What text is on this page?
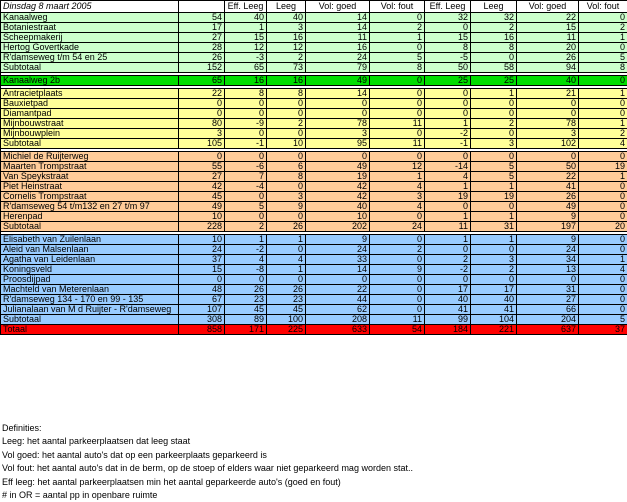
Dinsdag 8 maart 2005		Eff. Leeg	Leeg	Vol: goed	Vol: fout	Eff. Leeg	Leeg	Vol: goed	Vol: fout
Kanaalweg	54	40	40	14	0	32	32	22	0
Botaniestraat	17	1	3	14	2	0	2	15	2
Scheepmakerij	27	15	16	11	1	15	16	11	1
Hertog Govertkade	28	12	12	16	0	8	8	20	0
R'damseweg t/m 54 en 25	26	-3	2	24	5	-5	0	26	5
Subtotaal	152	65	73	79	8	50	58	94	8

Kanaalweg 2b	65	16	16	49	0	25	25	40	0

Antracietplaats	22	8	8	14	0	0	1	21	1
Bauxietpad	0	0	0	0	0	0	0	0	0
Diamantpad	0	0	0	0	0	0	0	0	0
Mijnbouwstraat	80	-9	2	78	11	1	2	78	1
Mijnbouwplein	3	0	0	3	0	-2	0	3	2
Subtotaal	105	-1	10	95	11	-1	3	102	4

Michiel de Ruijterweg	0	0	0	0	0	0	0	0	0
Maarten Trompstraat	55	-6	6	49	12	-14	5	50	19
Van Speykstraat	27	7	8	19	1	4	5	22	1
Piet Heinstraat	42	-4	0	42	4	1	1	41	0
Cornelis Trompstraat	45	0	3	42	3	19	19	26	0
R'damseweg 54 t/m132 en 27 t/m 97	49	5	9	40	4	0	0	49	0
Herenpad	10	0	0	10	0	1	1	9	0
Subtotaal	228	2	26	202	24	11	31	197	20

Elisabeth van Zuilenlaan	10	1	1	9	0	1	1	9	0
Aleid van Malsenlaan	24	-2	0	24	2	0	0	24	0
Agatha van Leidenlaan	37	4	4	33	0	2	3	34	1
Koningsveld	15	-8	1	14	9	-2	2	13	4
Proosdijpad	0	0	0	0	0	0	0	0	0
Machteld van Meterenlaan	48	26	26	22	0	17	17	31	0
R'damseweg 134 - 170 en 99 - 135	67	23	23	44	0	40	40	27	0
Julianalaan van M d Ruijter - R'damseweg	107	45	45	62	0	41	41	66	0
Subtotaal	308	89	100	208	11	99	104	204	5
Totaal	858	171	225	633	54	184	221	637	37
Definities:
Leeg: het aantal parkeerplaatsen dat leeg staat
Vol goed: het aantal auto's dat op een parkeerplaats geparkeerd is
Vol fout: het aantal auto's dat in de berm, op de stoep of elders waar niet geparkeerd mag worden stat..
Eff leeg: het aantal parkeerplaatsen min het aantal geparkeerde auto's (goed en fout)
# in OR = aantal pp in openbare ruimte
